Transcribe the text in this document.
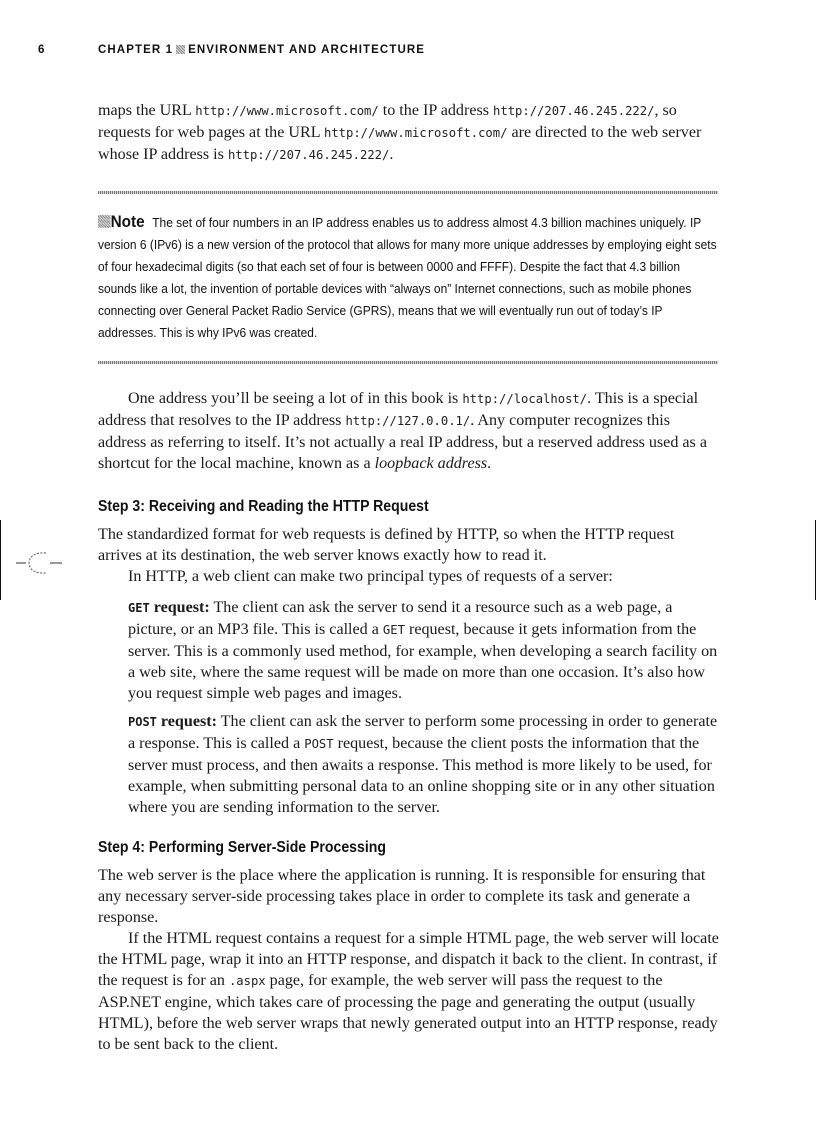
6	CHAPTER 1 ENVIRONMENT AND ARCHITECTURE

maps the URL http://www.microsoft.com/ to the IP address http://207.46.245.222/, so requests for web pages at the URL http://www.microsoft.com/ are directed to the web server whose IP address is http://207.46.245.222/.

Note The set of four numbers in an IP address enables us to address almost 4.3 billion machines uniquely. IP version 6 (IPv6) is a new version of the protocol that allows for many more unique addresses by employing eight sets of four hexadecimal digits (so that each set of four is between 0000 and FFFF). Despite the fact that 4.3 billion sounds like a lot, the invention of portable devices with “always on” Internet connections, such as mobile phones connecting over General Packet Radio Service (GPRS), means that we will eventually run out of today’s IP addresses. This is why IPv6 was created.

One address you’ll be seeing a lot of in this book is http://localhost/. This is a special address that resolves to the IP address http://127.0.0.1/. Any computer recognizes this address as referring to itself. It’s not actually a real IP address, but a reserved address used as a shortcut for the local machine, known as a loopback address.

Step 3: Receiving and Reading the HTTP Request

The standardized format for web requests is defined by HTTP, so when the HTTP request arrives at its destination, the web server knows exactly how to read it.

In HTTP, a web client can make two principal types of requests of a server:

GET request: The client can ask the server to send it a resource such as a web page, a picture, or an MP3 file. This is called a GET request, because it gets information from the server. This is a commonly used method, for example, when developing a search facility on a web site, where the same request will be made on more than one occasion. It’s also how you request simple web pages and images.

POST request: The client can ask the server to perform some processing in order to generate a response. This is called a POST request, because the client posts the information that the server must process, and then awaits a response. This method is more likely to be used, for example, when submitting personal data to an online shopping site or in any other situation where you are sending information to the server.

Step 4: Performing Server-Side Processing

The web server is the place where the application is running. It is responsible for ensuring that any necessary server-side processing takes place in order to complete its task and generate a response.

If the HTML request contains a request for a simple HTML page, the web server will locate the HTML page, wrap it into an HTTP response, and dispatch it back to the client. In contrast, if the request is for an .aspx page, for example, the web server will pass the request to the ASP.NET engine, which takes care of processing the page and generating the output (usually HTML), before the web server wraps that newly generated output into an HTTP response, ready to be sent back to the client.
